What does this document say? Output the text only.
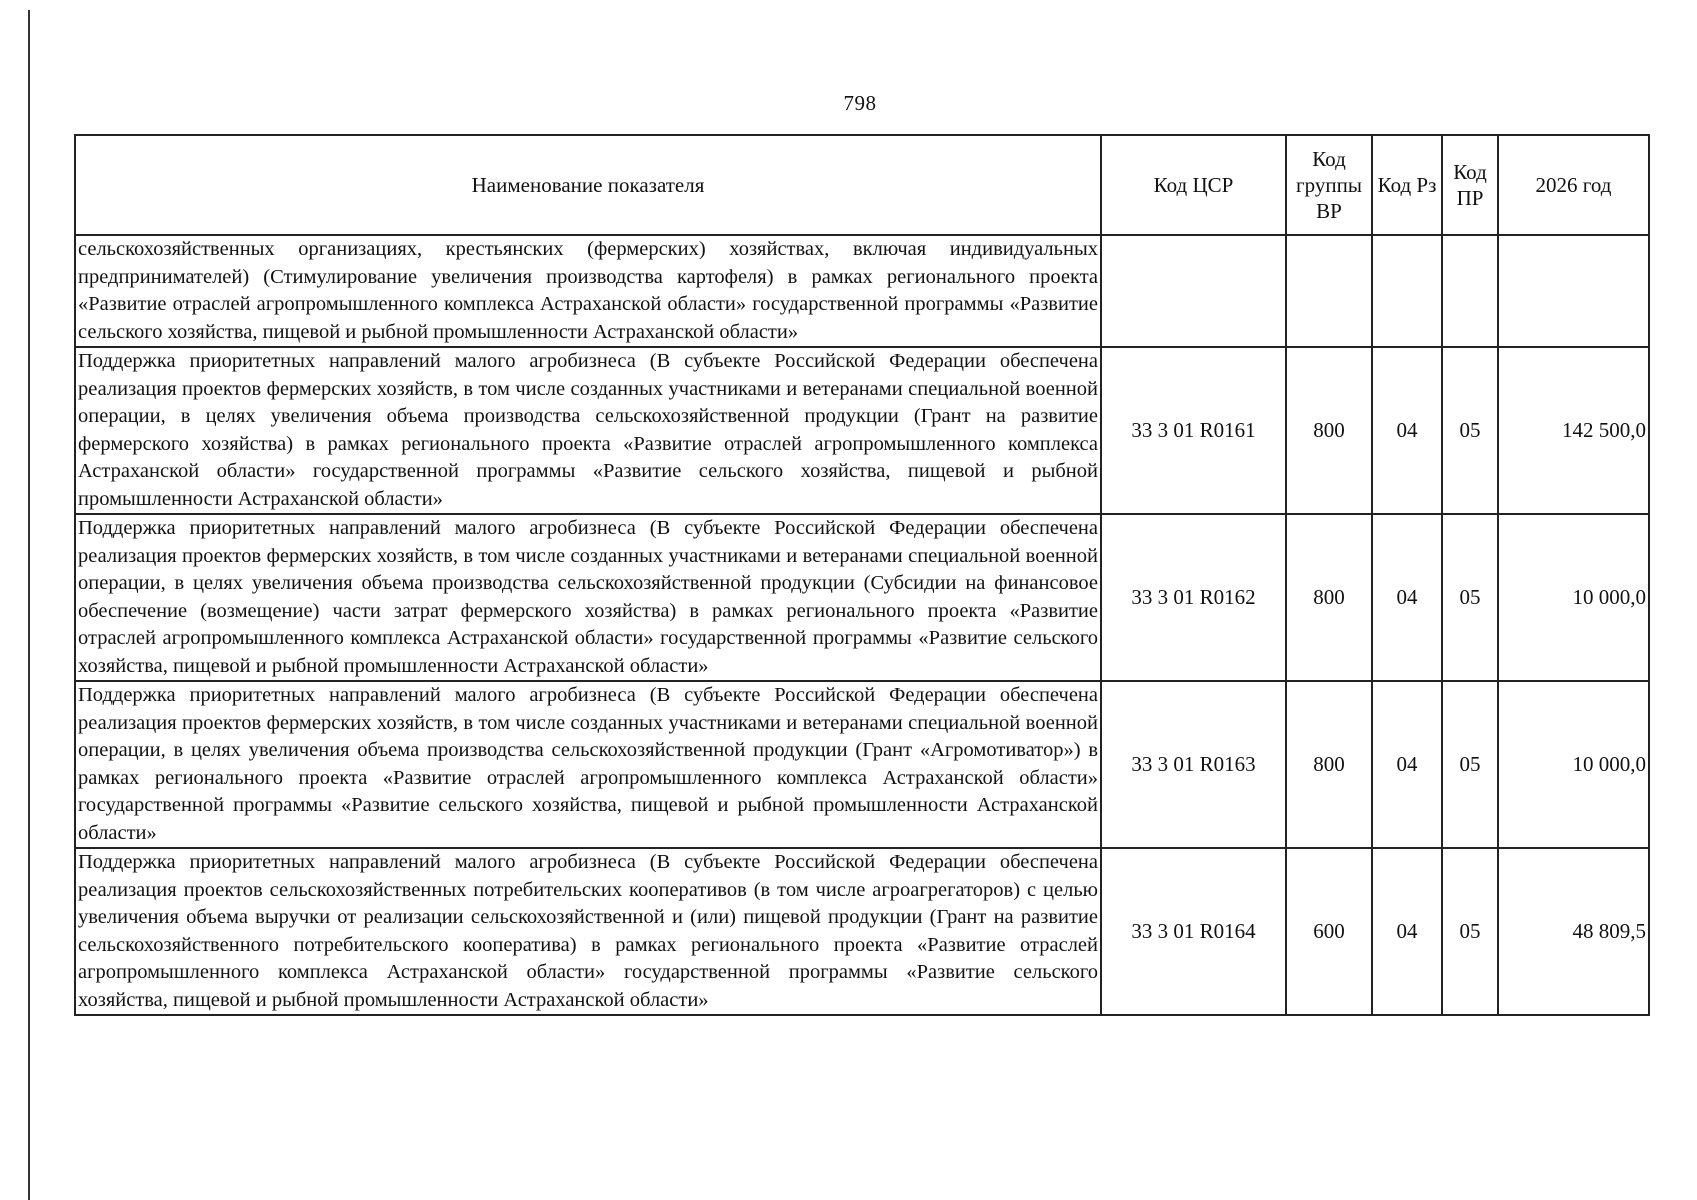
798
Наименование показателя	Код ЦСР	Код группы ВР	Код Рз	Код ПР	2026 год
сельскохозяйственных организациях, крестьянских (фермерских) хозяйствах, включая индивидуальных предпринимателей) (Стимулирование увеличения производства картофеля) в рамках регионального проекта «Развитие отраслей агропромышленного комплекса Астраханской области» государственной программы «Развитие сельского хозяйства, пищевой и рыбной промышленности Астраханской области»					
Поддержка приоритетных направлений малого агробизнеса (В субъекте Российской Федерации обеспечена реализация проектов фермерских хозяйств, в том числе созданных участниками и ветеранами специальной военной операции, в целях увеличения объема производства сельскохозяйственной продукции (Грант на развитие фермерского хозяйства) в рамках регионального проекта «Развитие отраслей агропромышленного комплекса Астраханской области» государственной программы «Развитие сельского хозяйства, пищевой и рыбной промышленности Астраханской области»	33 3 01 R0161	800	04	05	142 500,0
Поддержка приоритетных направлений малого агробизнеса (В субъекте Российской Федерации обеспечена реализация проектов фермерских хозяйств, в том числе созданных участниками и ветеранами специальной военной операции, в целях увеличения объема производства сельскохозяйственной продукции (Субсидии на финансовое обеспечение (возмещение) части затрат фермерского хозяйства) в рамках регионального проекта «Развитие отраслей агропромышленного комплекса Астраханской области» государственной программы «Развитие сельского хозяйства, пищевой и рыбной промышленности Астраханской области»	33 3 01 R0162	800	04	05	10 000,0
Поддержка приоритетных направлений малого агробизнеса (В субъекте Российской Федерации обеспечена реализация проектов фермерских хозяйств, в том числе созданных участниками и ветеранами специальной военной операции, в целях увеличения объема производства сельскохозяйственной продукции (Грант «Агромотиватор») в рамках регионального проекта «Развитие отраслей агропромышленного комплекса Астраханской области» государственной программы «Развитие сельского хозяйства, пищевой и рыбной промышленности Астраханской области»	33 3 01 R0163	800	04	05	10 000,0
Поддержка приоритетных направлений малого агробизнеса (В субъекте Российской Федерации обеспечена реализация проектов сельскохозяйственных потребительских кооперативов (в том числе агроагрегаторов) с целью увеличения объема выручки от реализации сельскохозяйственной и (или) пищевой продукции (Грант на развитие сельскохозяйственного потребительского кооператива) в рамках регионального проекта «Развитие отраслей агропромышленного комплекса Астраханской области» государственной программы «Развитие сельского хозяйства, пищевой и рыбной промышленности Астраханской области»	33 3 01 R0164	600	04	05	48 809,5
